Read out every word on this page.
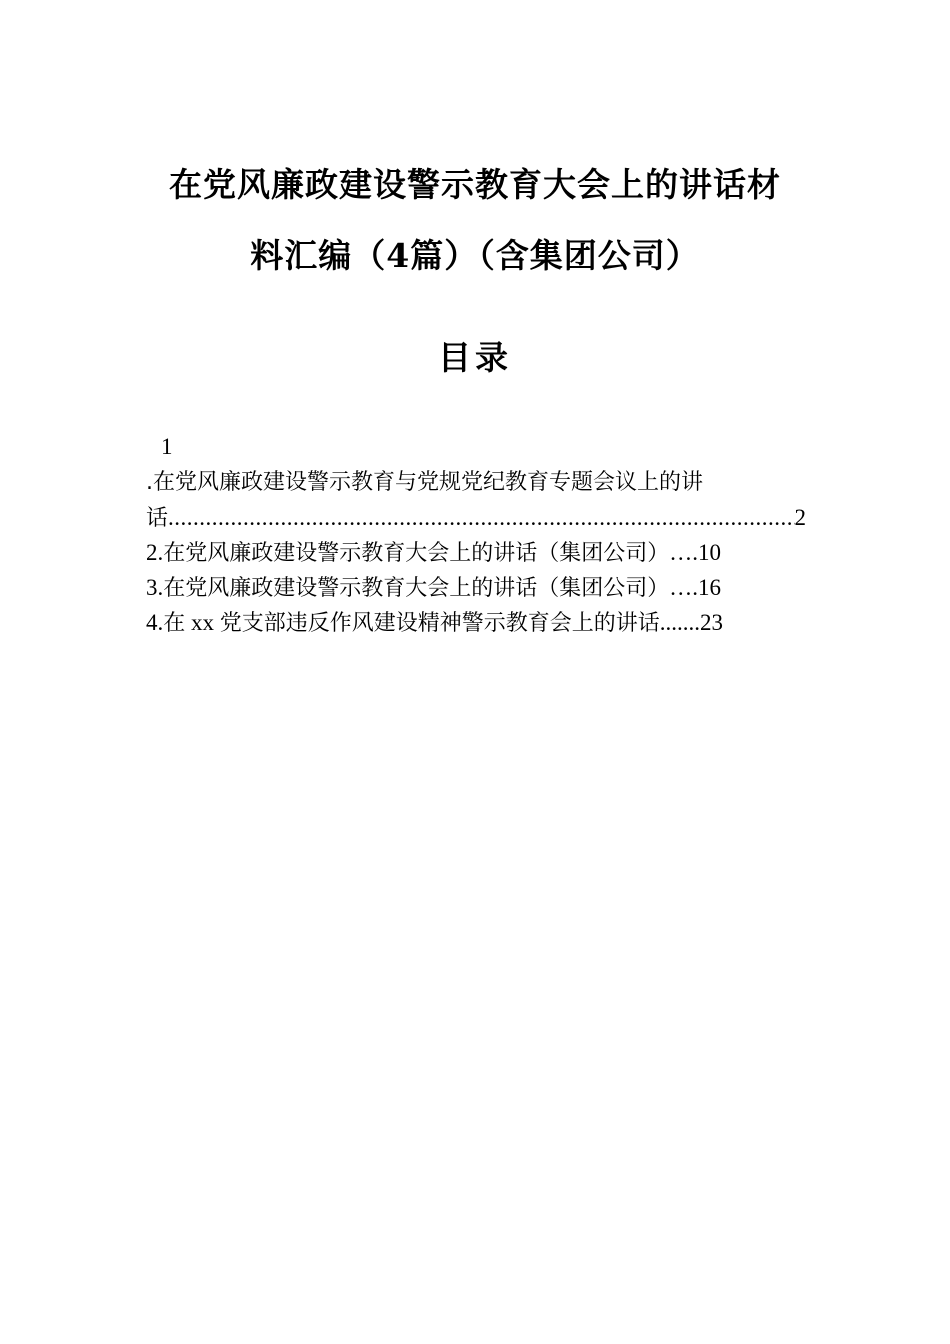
在党风廉政建设警示教育大会上的讲话材
料汇编（4篇）（含集团公司）
目录
1
.在党风廉政建设警示教育与党规党纪教育专题会议上的讲
话
.....	2
2. 在党风廉政建设警示教育大会上的讲话（集团公司） …. 10
3. 在党风廉政建设警示教育大会上的讲话（集团公司） …. 16
4. 在 xx 党支部违反作风建设精神警示教育会上的讲话 ....... 23
